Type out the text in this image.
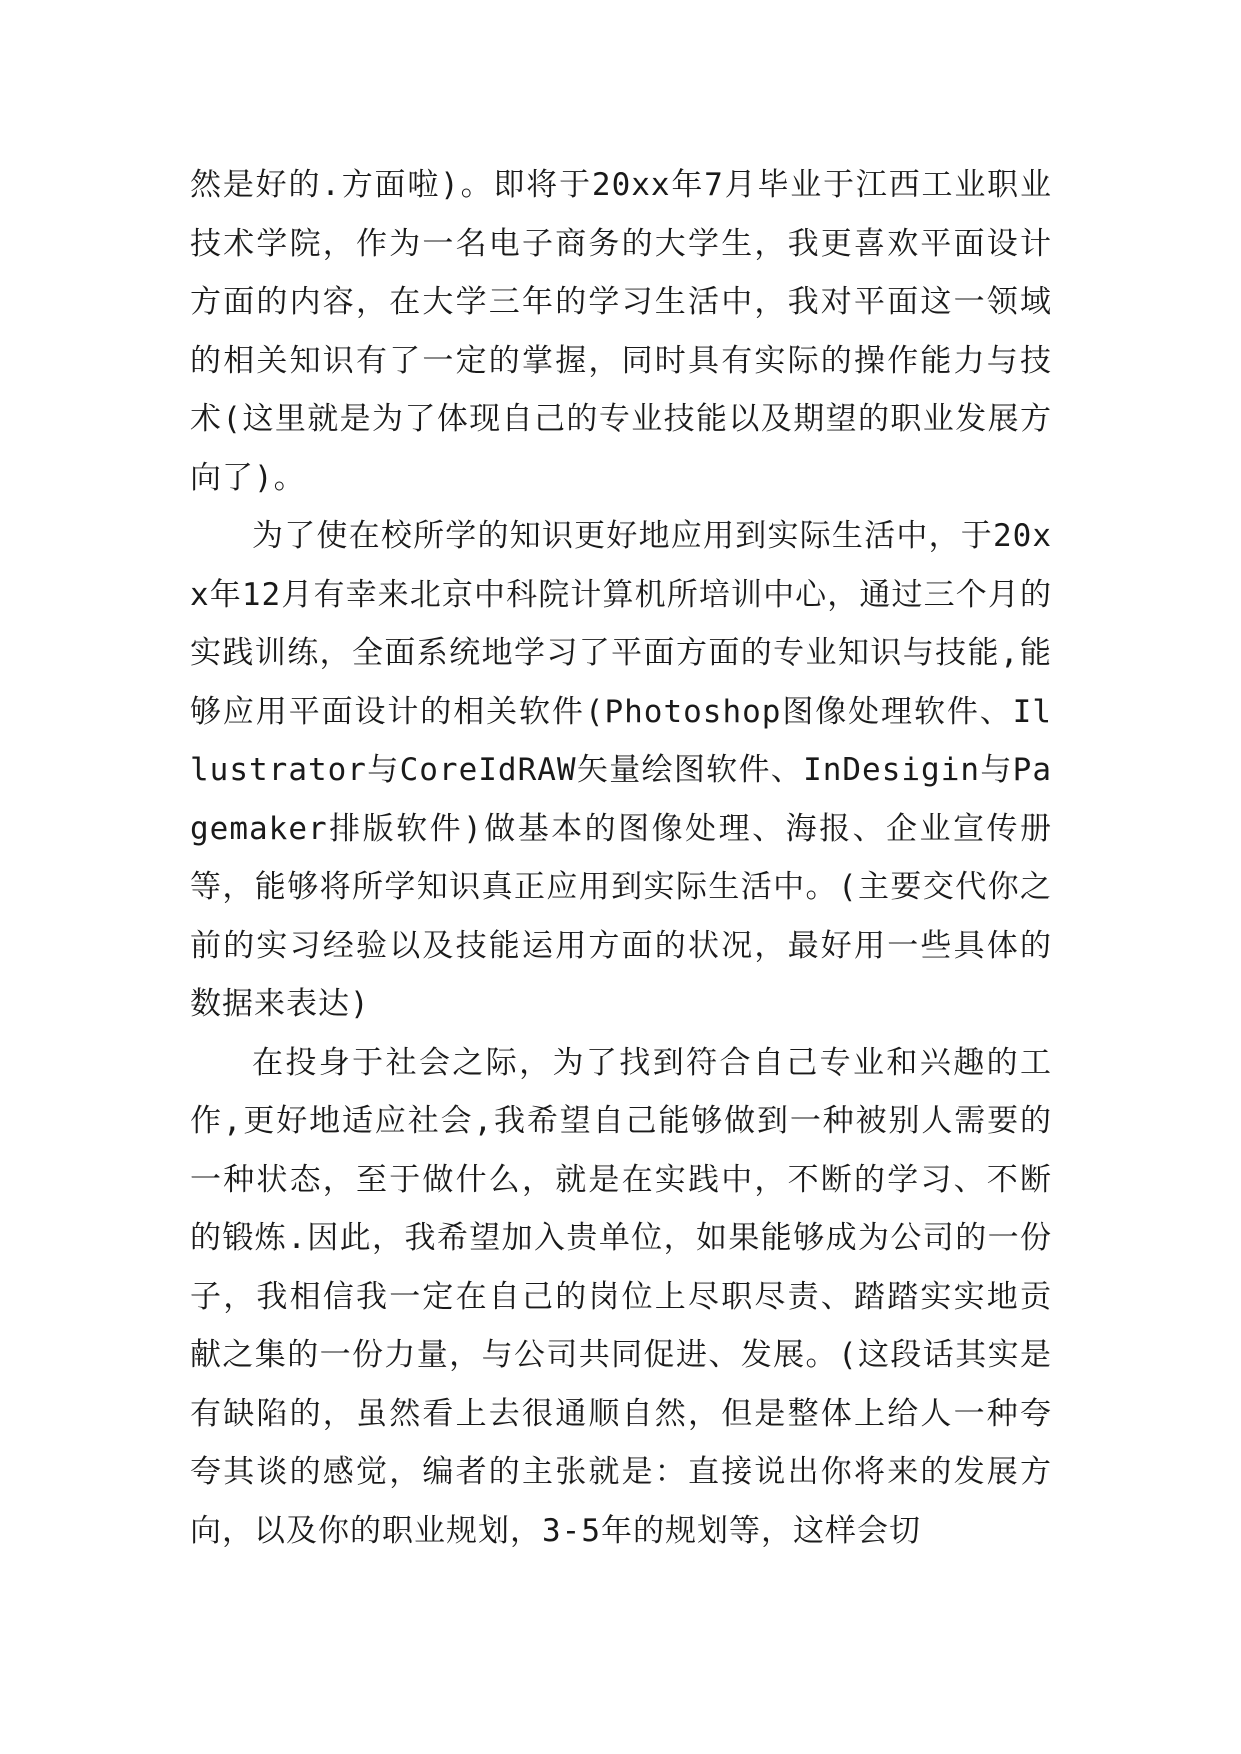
然是好的.方面啦)。即将于20xx年7月毕业于江西工业职业技术学院，作为一名电子商务的大学生，我更喜欢平面设计方面的内容，在大学三年的学习生活中，我对平面这一领域的相关知识有了一定的掌握，同时具有实际的操作能力与技术(这里就是为了体现自己的专业技能以及期望的职业发展方向了)。

为了使在校所学的知识更好地应用到实际生活中，于20xx年12月有幸来北京中科院计算机所培训中心，通过三个月的实践训练，全面系统地学习了平面方面的专业知识与技能,能够应用平面设计的相关软件(Photoshop图像处理软件、Illustrator与CoreIdRAW矢量绘图软件、InDesigin与Pagemaker排版软件)做基本的图像处理、海报、企业宣传册等，能够将所学知识真正应用到实际生活中。(主要交代你之前的实习经验以及技能运用方面的状况，最好用一些具体的数据来表达)

在投身于社会之际，为了找到符合自己专业和兴趣的工作,更好地适应社会,我希望自己能够做到一种被别人需要的一种状态，至于做什么，就是在实践中，不断的学习、不断的锻炼.因此，我希望加入贵单位，如果能够成为公司的一份子，我相信我一定在自己的岗位上尽职尽责、踏踏实实地贡献之集的一份力量，与公司共同促进、发展。(这段话其实是有缺陷的，虽然看上去很通顺自然，但是整体上给人一种夸夸其谈的感觉，编者的主张就是：直接说出你将来的发展方向，以及你的职业规划，3-5年的规划等，这样会切
